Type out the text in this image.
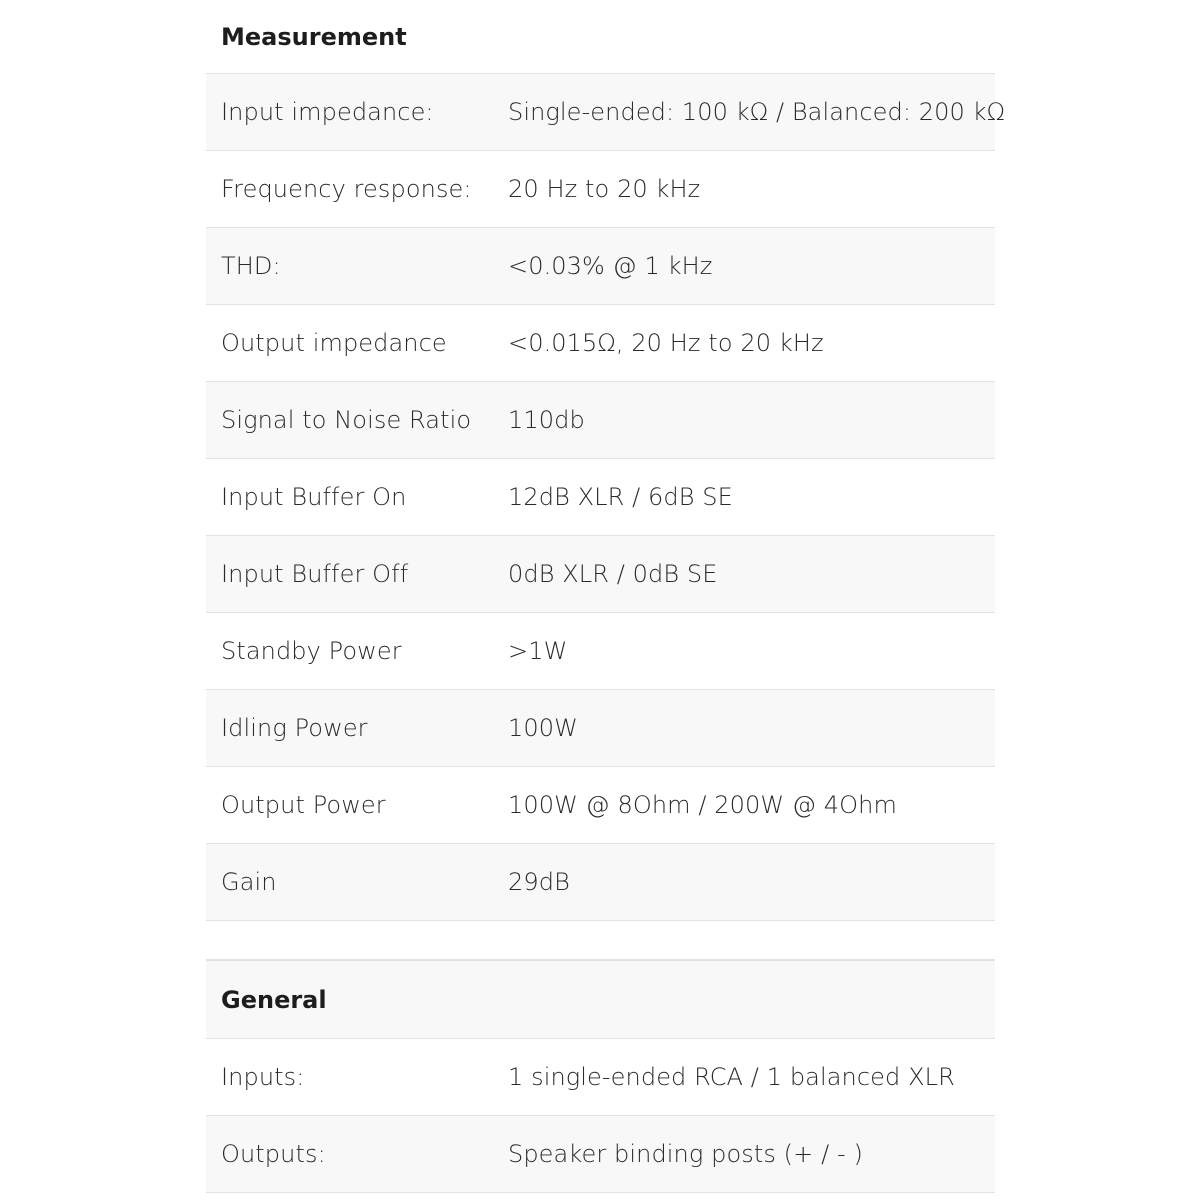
Measurement
Input impedance:	Single-ended: 100 kΩ / Balanced: 200 kΩ
Frequency response: 20 Hz to 20 kHz
THD:	<0.03% @ 1 kHz
Output impedance	<0.015Ω, 20 Hz to 20 kHz
Signal to Noise Ratio 110db
Input Buffer On	12dB XLR / 6dB SE
Input Buffer Off	0dB XLR / 0dB SE
Standby Power	>1W
Idling Power	100W
Output Power	100W @ 8Ohm / 200W @ 4Ohm
Gain	29dB
General
Inputs:	1 single-ended RCA / 1 balanced XLR
Outputs:	Speaker binding posts (+ / - )
